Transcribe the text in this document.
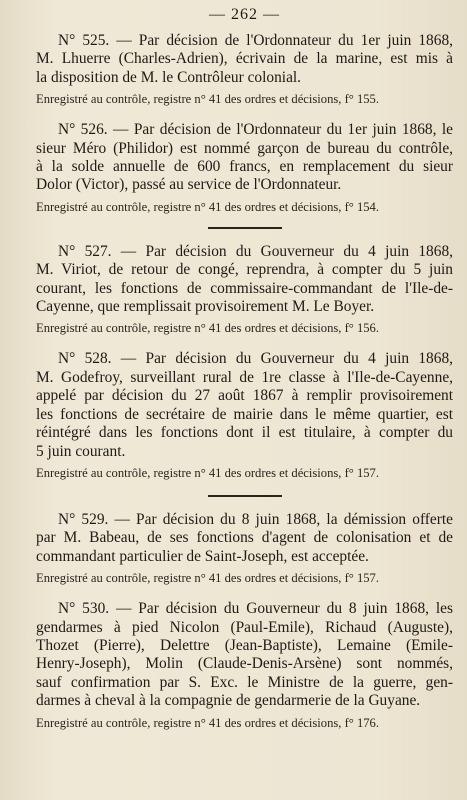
— 262 —

N° 525. — Par décision de l'Ordonnateur du 1er juin 1868,
M. Lhuerre (Charles-Adrien), écrivain de la marine, est mis à
la disposition de M. le Contrôleur colonial.

Enregistré au contrôle, registre n° 41 des ordres et décisions, f° 155.

N° 526. — Par décision de l'Ordonnateur du 1er juin 1868, le
sieur Méro (Philidor) est nommé garçon de bureau du contrôle,
à la solde annuelle de 600 francs, en remplacement du sieur
Dolor (Victor), passé au service de l'Ordonnateur.

Enregistré au contrôle, registre n° 41 des ordres et décisions, f° 154.

N° 527. — Par décision du Gouverneur du 4 juin 1868,
M. Viriot, de retour de congé, reprendra, à compter du 5 juin
courant, les fonctions de commissaire-commandant de l'Ile-de-
Cayenne, que remplissait provisoirement M. Le Boyer.

Enregistré au contrôle, registre n° 41 des ordres et décisions, f° 156.

N° 528. — Par décision du Gouverneur du 4 juin 1868,
M. Godefroy, surveillant rural de 1re classe à l'Ile-de-Cayenne,
appelé par décision du 27 août 1867 à remplir provisoirement
les fonctions de secrétaire de mairie dans le même quartier, est
réintégré dans les fonctions dont il est titulaire, à compter du
5 juin courant.

Enregistré au contrôle, registre n° 41 des ordres et décisions, f° 157.

N° 529. — Par décision du 8 juin 1868, la démission offerte
par M. Babeau, de ses fonctions d'agent de colonisation et de
commandant particulier de Saint-Joseph, est acceptée.

Enregistré au contrôle, registre n° 41 des ordres et décisions, f° 157.

N° 530. — Par décision du Gouverneur du 8 juin 1868, les
gendarmes à pied Nicolon (Paul-Emile), Richaud (Auguste),
Thozet (Pierre), Delettre (Jean-Baptiste), Lemaine (Emile-
Henry-Joseph), Molin (Claude-Denis-Arsène) sont nommés,
sauf confirmation par S. Exc. le Ministre de la guerre, gen-
darmes à cheval à la compagnie de gendarmerie de la Guyane.

Enregistré au contrôle, registre n° 41 des ordres et décisions, f° 176.
